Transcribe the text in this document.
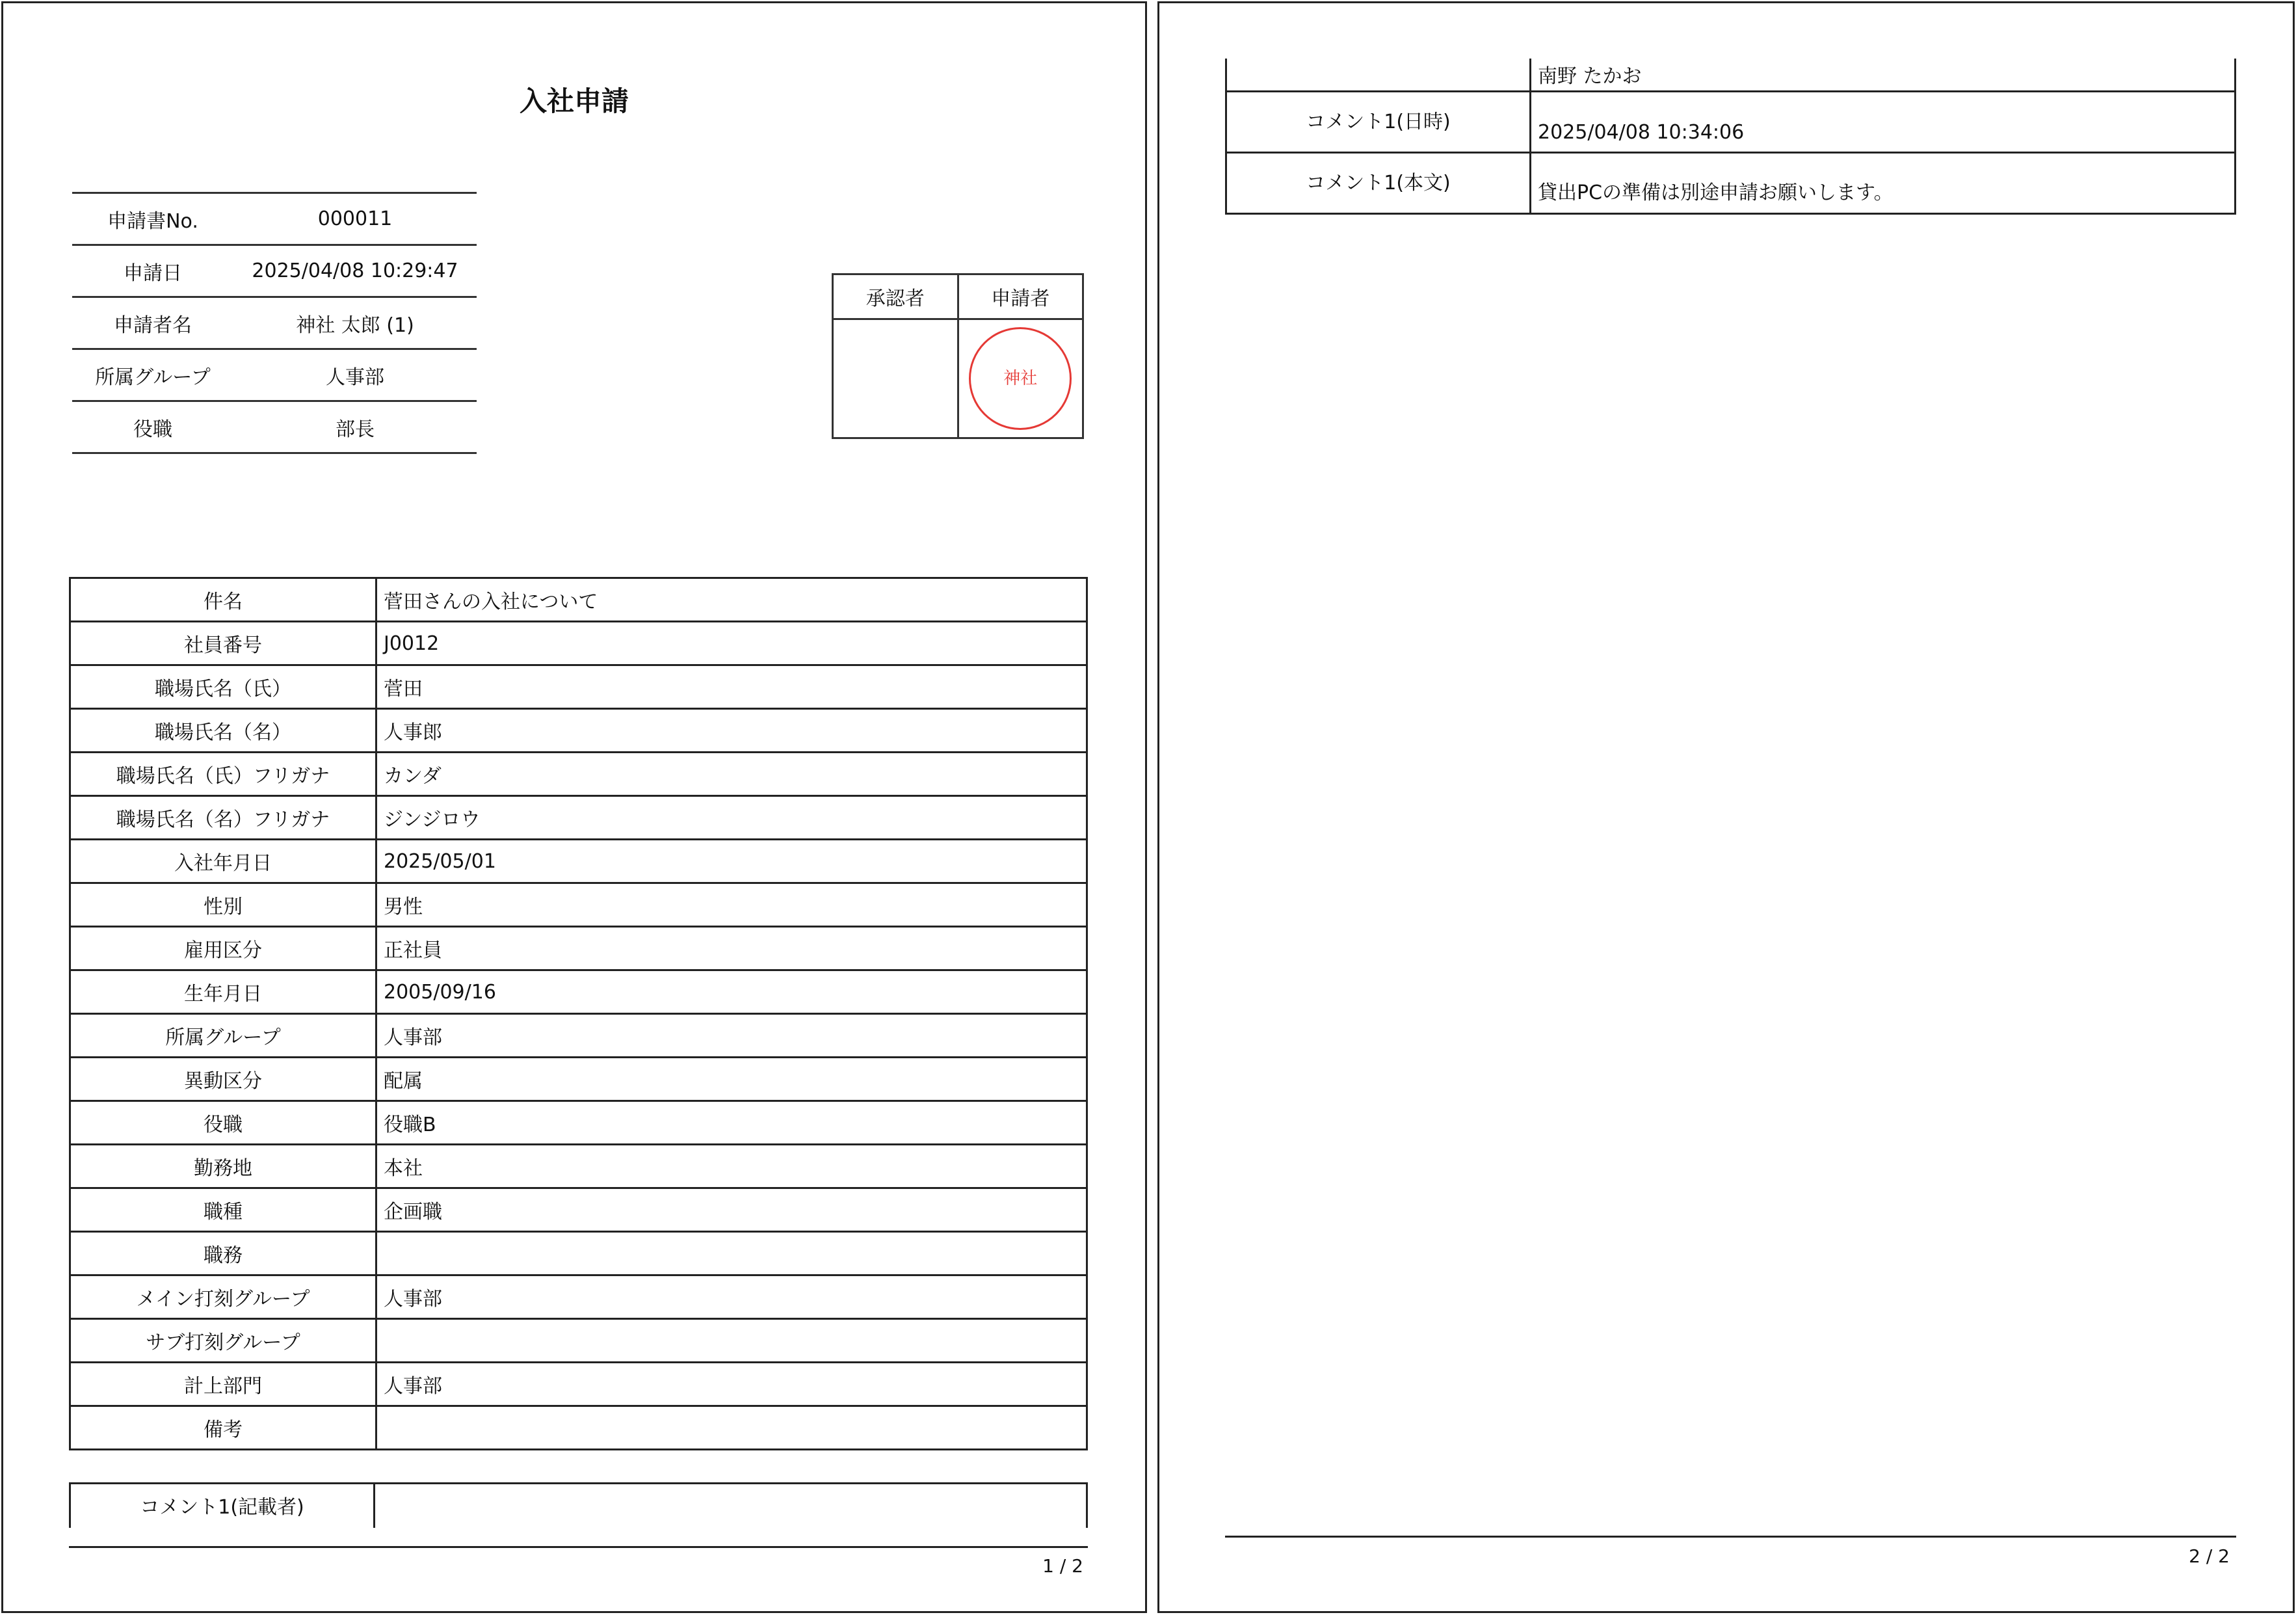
入社申請
申請書No.	000011
申請日	2025/04/08 10:29:47
申請者名	神社 太郎 (1)
所属グループ	人事部
役職	部長
承認者	申請者
	神社
件名	菅田さんの入社について
社員番号	J0012
職場氏名（氏）	菅田
職場氏名（名）	人事郎
職場氏名（氏）フリガナ	カンダ
職場氏名（名）フリガナ	ジンジロウ
入社年月日	2025/05/01
性別	男性
雇用区分	正社員
生年月日	2005/09/16
所属グループ	人事部
異動区分	配属
役職	役職B
勤務地	本社
職種	企画職
職務	
メイン打刻グループ	人事部
サブ打刻グループ	
計上部門	人事部
備考	
コメント1(記載者)
1 / 2
	南野 たかお
コメント1(日時)	2025/04/08 10:34:06
コメント1(本文)	貸出PCの準備は別途申請お願いします。
2 / 2
